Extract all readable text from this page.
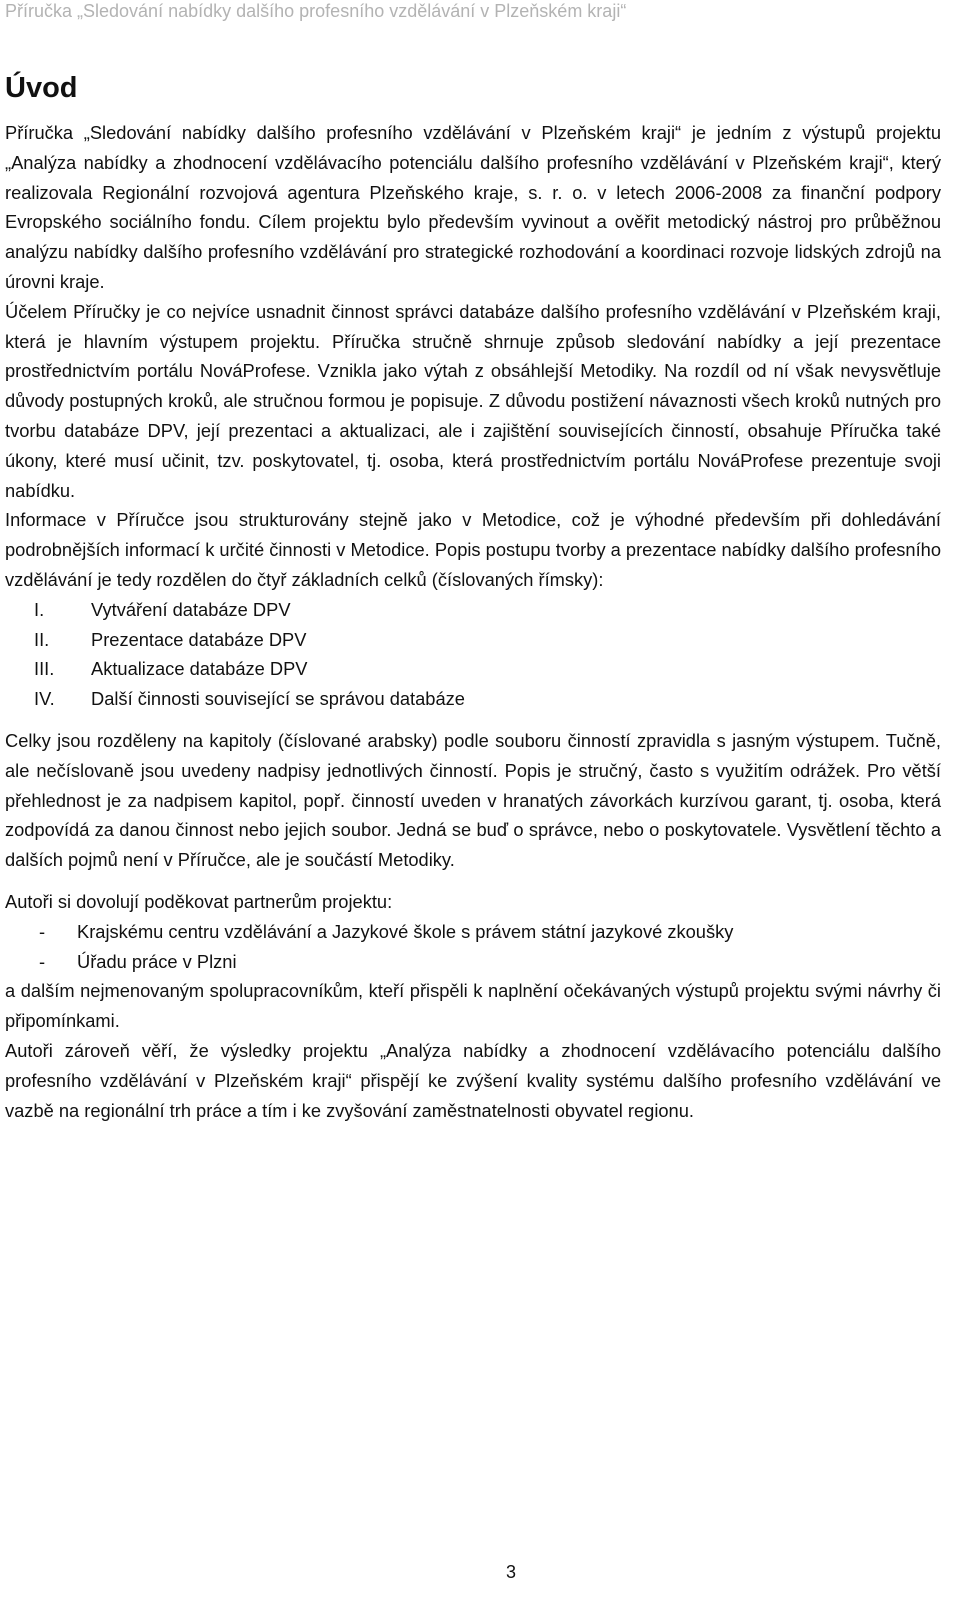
Příručka „Sledování nabídky dalšího profesního vzdělávání v Plzeňském kraji“
Úvod

Příručka „Sledování nabídky dalšího profesního vzdělávání v Plzeňském kraji“ je jedním z výstupů projektu „Analýza nabídky a zhodnocení vzdělávacího potenciálu dalšího profesního vzdělávání v Plzeňském kraji“, který realizovala Regionální rozvojová agentura Plzeňského kraje, s. r. o. v letech 2006-2008 za finanční podpory Evropského sociálního fondu. Cílem projektu bylo především vyvinout a ověřit metodický nástroj pro průběžnou analýzu nabídky dalšího profesního vzdělávání pro strategické rozhodování a koordinaci rozvoje lidských zdrojů na úrovni kraje.

Účelem Příručky je co nejvíce usnadnit činnost správci databáze dalšího profesního vzdělávání v Plzeňském kraji, která je hlavním výstupem projektu. Příručka stručně shrnuje způsob sledování nabídky a její prezentace prostřednictvím portálu NováProfese. Vznikla jako výtah z obsáhlejší Metodiky. Na rozdíl od ní však nevysvětluje důvody postupných kroků, ale stručnou formou je popisuje. Z důvodu postižení návaznosti všech kroků nutných pro tvorbu databáze DPV, její prezentaci a aktualizaci, ale i zajištění souvisejících činností, obsahuje Příručka také úkony, které musí učinit, tzv. poskytovatel, tj. osoba, která prostřednictvím portálu NováProfese prezentuje svoji nabídku.

Informace v Příručce jsou strukturovány stejně jako v Metodice, což je výhodné především při dohledávání podrobnějších informací k určité činnosti v Metodice. Popis postupu tvorby a prezentace nabídky dalšího profesního vzdělávání je tedy rozdělen do čtyř základních celků (číslovaných římsky):

I.	Vytváření databáze DPV
II. Prezentace databáze DPV
III. Aktualizace databáze DPV
IV. Další činnosti související se správou databáze

Celky jsou rozděleny na kapitoly (číslované arabsky) podle souboru činností zpravidla s jasným výstupem. Tučně, ale nečíslovaně jsou uvedeny nadpisy jednotlivých činností. Popis je stručný, často s využitím odrážek. Pro větší přehlednost je za nadpisem kapitol, popř. činností uveden v hranatých závorkách kurzívou garant, tj. osoba, která zodpovídá za danou činnost nebo jejich soubor. Jedná se buď o správce, nebo o poskytovatele. Vysvětlení těchto a dalších pojmů není v Příručce, ale je součástí Metodiky.

Autoři si dovolují poděkovat partnerům projektu:

- Krajskému centru vzdělávání a Jazykové škole s právem státní jazykové zkoušky
- Úřadu práce v Plzni

a dalším nejmenovaným spolupracovníkům, kteří přispěli k naplnění očekávaných výstupů projektu svými návrhy či připomínkami.

Autoři zároveň věří, že výsledky projektu „Analýza nabídky a zhodnocení vzdělávacího potenciálu dalšího profesního vzdělávání v Plzeňském kraji“ přispějí ke zvýšení kvality systému dalšího profesního vzdělávání ve vazbě na regionální trh práce a tím i ke zvyšování zaměstnatelnosti obyvatel regionu.

3
